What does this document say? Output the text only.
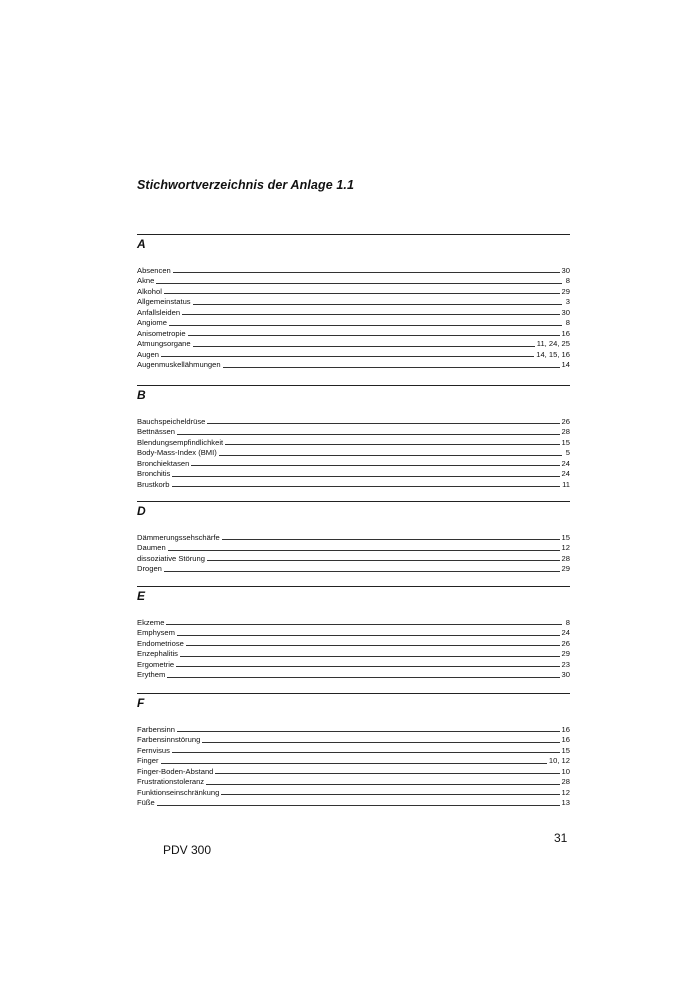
Stichwortverzeichnis der Anlage 1.1
A
Absencen	30
Akne	8
Alkohol	29
Allgemeinstatus	3
Anfallsleiden	30
Angiome	8
Anisometropie	16
Atmungsorgane	11, 24, 25
Augen	14, 15, 16
Augenmuskellähmungen	14
B
Bauchspeicheldrüse	26
Bettnässen	28
Blendungsempfindlichkeit	15
Body-Mass-Index (BMI)	5
Bronchiektasen	24
Bronchitis	24
Brustkorb	11
D
Dämmerungssehschärfe	15
Daumen	12
dissoziative Störung	28
Drogen	29
E
Ekzeme	8
Emphysem	24
Endometriose	26
Enzephalitis	29
Ergometrie	23
Erythem	30
F
Farbensinn	16
Farbensinnstörung	16
Fernvisus	15
Finger	10, 12
Finger-Boden-Abstand	10
Frustrationstoleranz	28
Funktionseinschränkung	12
Füße	13
31
PDV 300
